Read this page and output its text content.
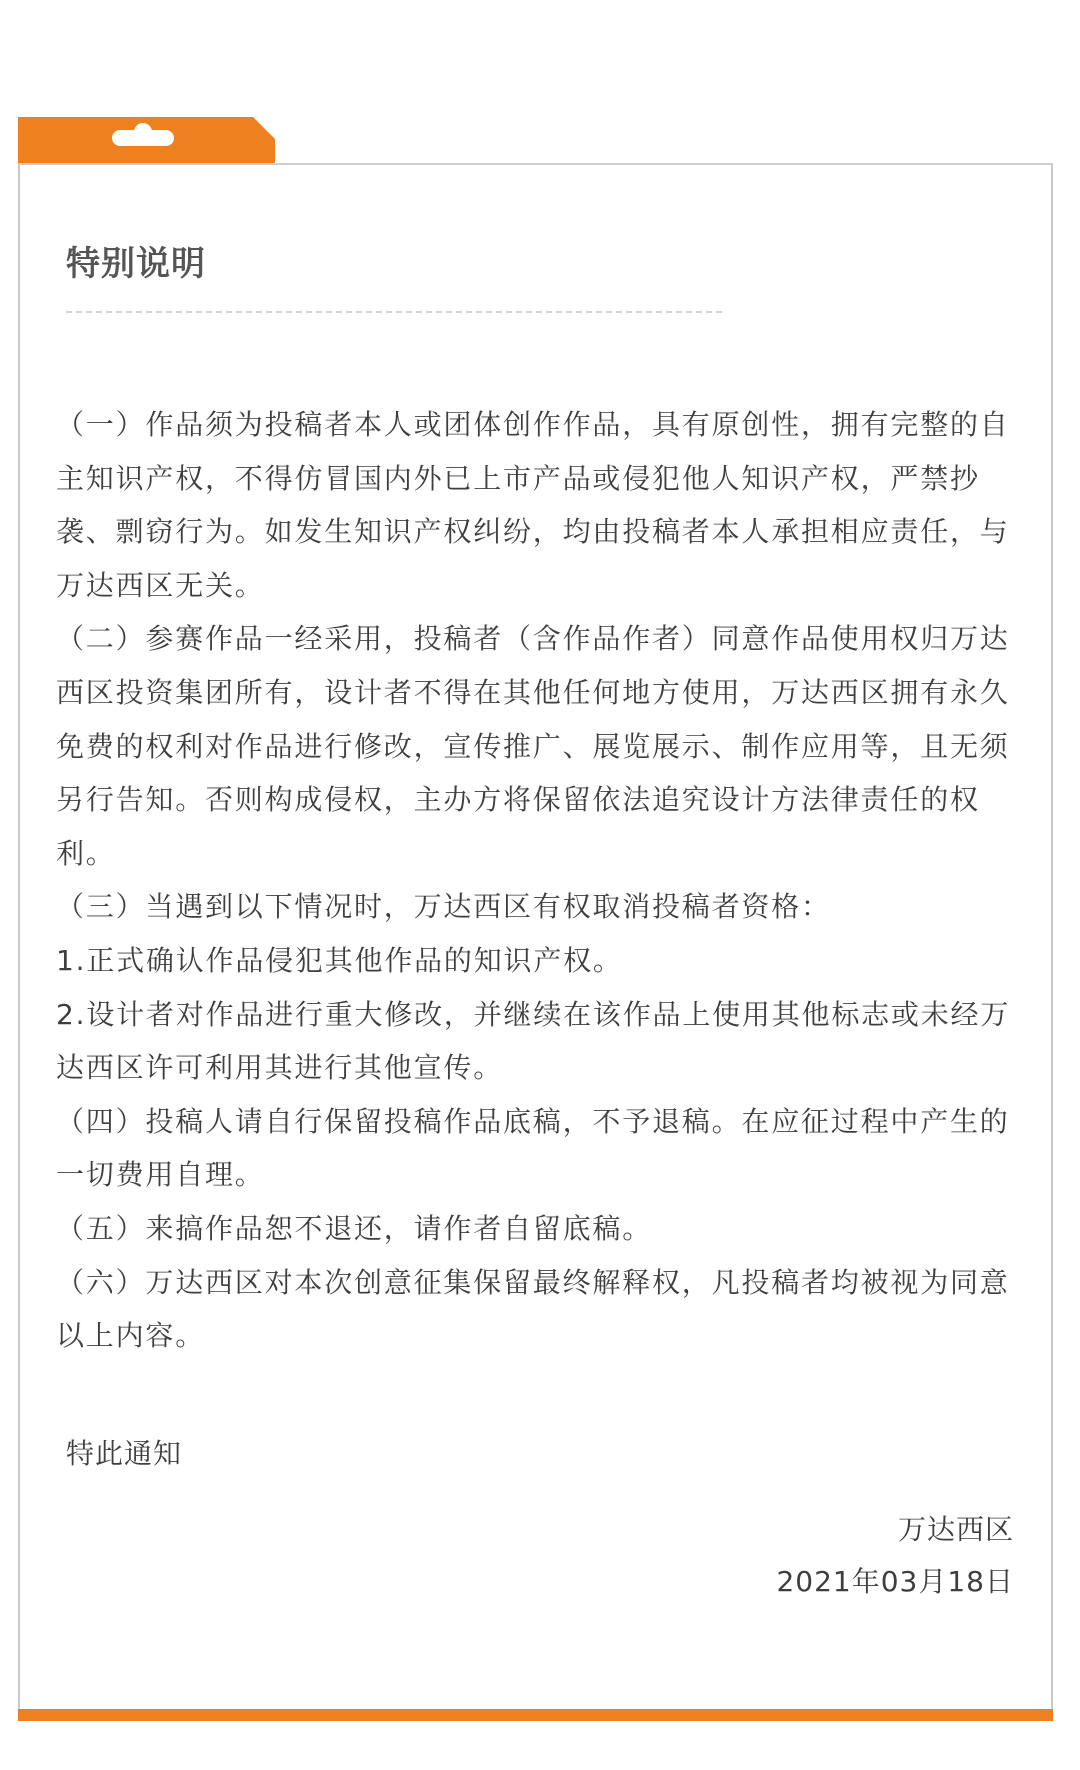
特别说明

（一）作品须为投稿者本人或团体创作作品，具有原创性，拥有完整的自主知识产权，不得仿冒国内外已上市产品或侵犯他人知识产权，严禁抄袭、剽窃行为。如发生知识产权纠纷，均由投稿者本人承担相应责任，与万达西区无关。

（二）参赛作品一经采用，投稿者（含作品作者）同意作品使用权归万达西区投资集团所有，设计者不得在其他任何地方使用，万达西区拥有永久免费的权利对作品进行修改，宣传推广、展览展示、制作应用等，且无须另行告知。否则构成侵权，主办方将保留依法追究设计方法律责任的权利。

（三）当遇到以下情况时，万达西区有权取消投稿者资格：

1.正式确认作品侵犯其他作品的知识产权。

2.设计者对作品进行重大修改，并继续在该作品上使用其他标志或未经万达西区许可利用其进行其他宣传。

（四）投稿人请自行保留投稿作品底稿，不予退稿。在应征过程中产生的一切费用自理。

（五）来搞作品恕不退还，请作者自留底稿。

（六）万达西区对本次创意征集保留最终解释权，凡投稿者均被视为同意以上内容。

特此通知
万达西区
2021年03月18日
